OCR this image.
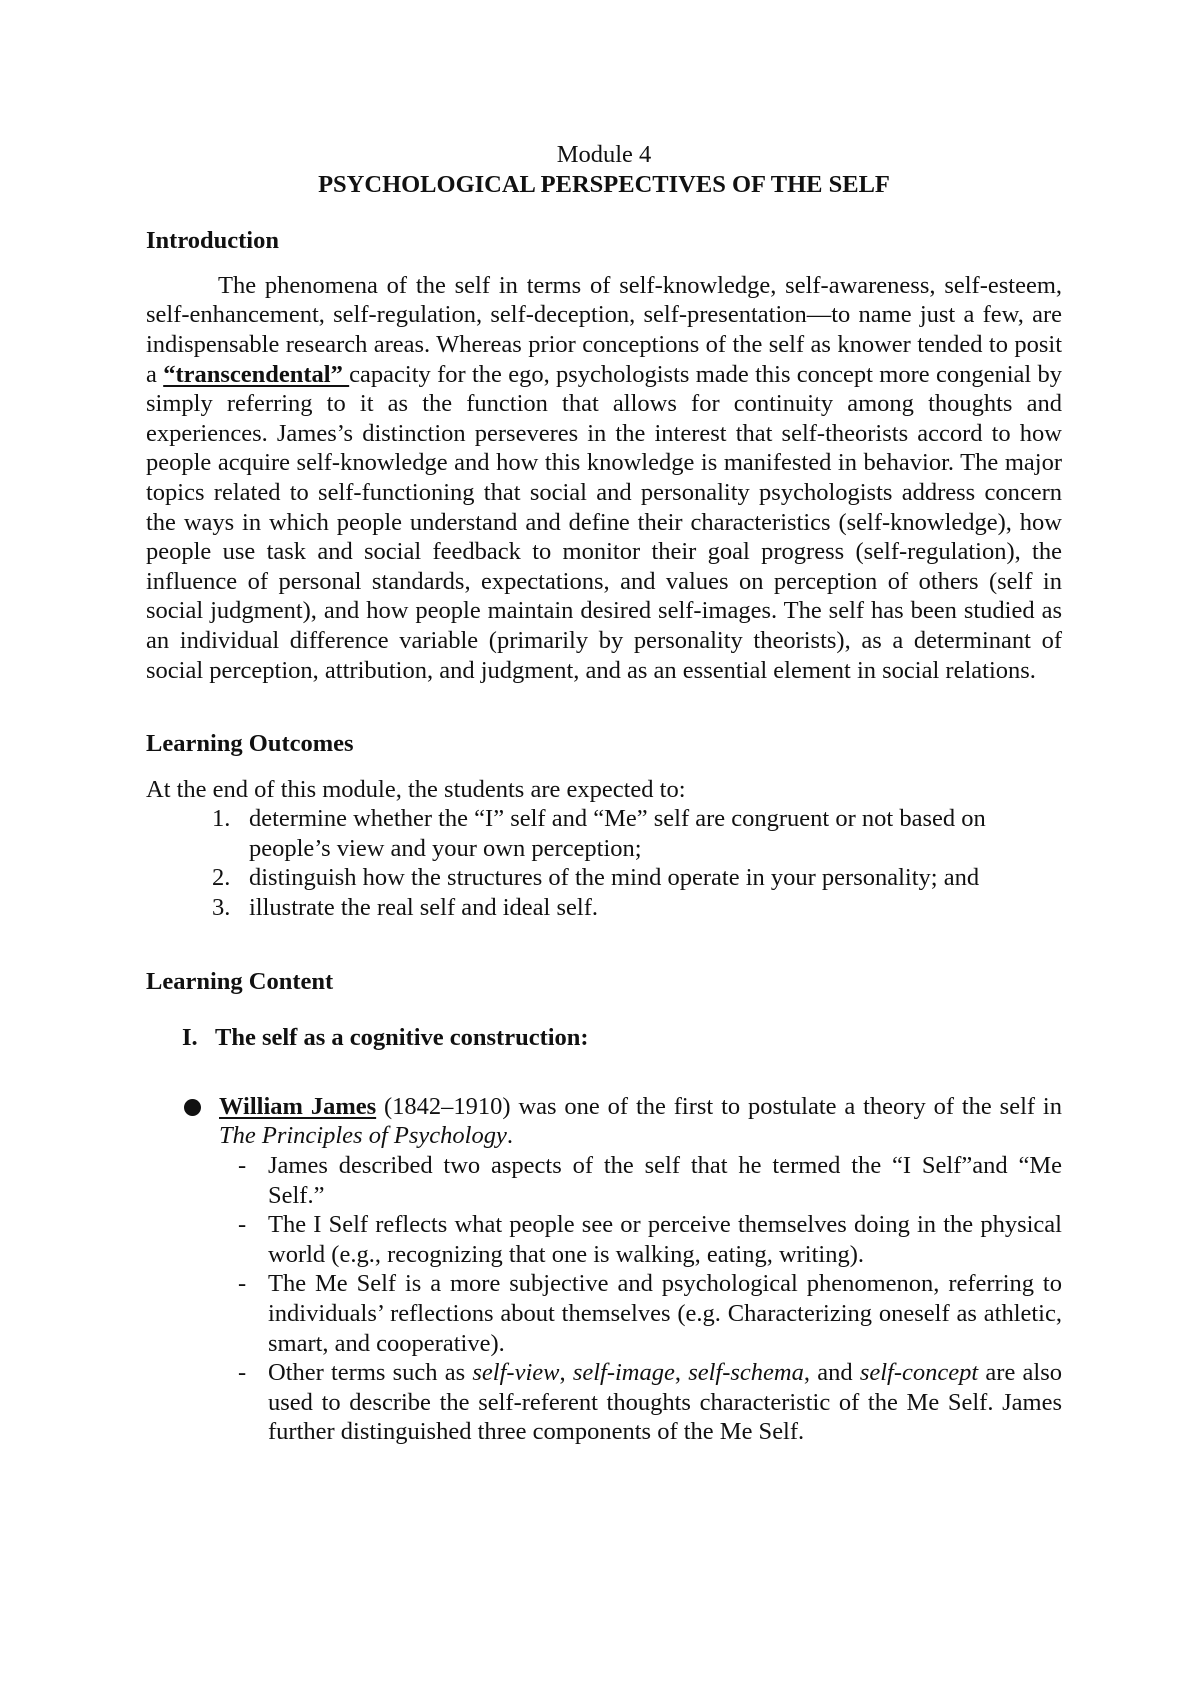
Module 4

PSYCHOLOGICAL PERSPECTIVES OF THE SELF

Introduction

The phenomena of the self in terms of self-knowledge, self-awareness, self-esteem, self-enhancement, self-regulation, self-deception, self-presentation—to name just a few, are indispensable research areas. Whereas prior conceptions of the self as knower tended to posit a “transcendental” capacity for the ego, psychologists made this concept more congenial by simply referring to it as the function that allows for continuity among thoughts and experiences. James’s distinction perseveres in the interest that self-theorists accord to how people acquire self-knowledge and how this knowledge is manifested in behavior. The major topics related to self-functioning that social and personality psychologists address concern the ways in which people understand and define their characteristics (self-knowledge), how people use task and social feedback to monitor their goal progress (self-regulation), the influence of personal standards, expectations, and values on perception of others (self in social judgment), and how people maintain desired self-images. The self has been studied as an individual difference variable (primarily by personality theorists), as a determinant of social perception, attribution, and judgment, and as an essential element in social relations.

Learning Outcomes

At the end of this module, the students are expected to:

1. determine whether the “I” self and “Me” self are congruent or not based on people’s view and your own perception;
2. distinguish how the structures of the mind operate in your personality; and
3. illustrate the real self and ideal self.

Learning Content

I. The self as a cognitive construction:

William James (1842–1910) was one of the first to postulate a theory of the self in The Principles of Psychology.
- James described two aspects of the self that he termed the “I Self”and “Me Self.”
- The I Self reflects what people see or perceive themselves doing in the physical world (e.g., recognizing that one is walking, eating, writing).
- The Me Self is a more subjective and psychological phenomenon, referring to individuals’ reflections about themselves (e.g. Characterizing oneself as athletic, smart, and cooperative).
- Other terms such as self-view, self-image, self-schema, and self-concept are also used to describe the self-referent thoughts characteristic of the Me Self. James further distinguished three components of the Me Self.
